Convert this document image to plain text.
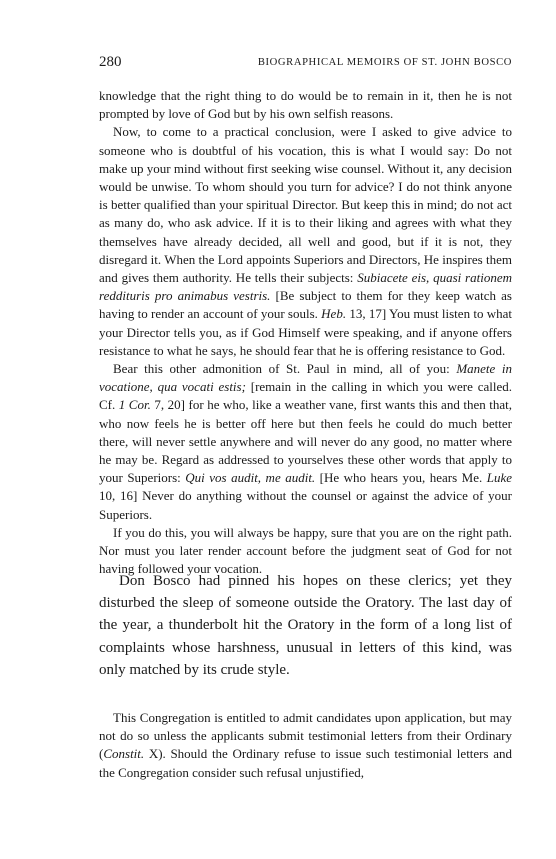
280	BIOGRAPHICAL MEMOIRS OF ST. JOHN BOSCO

knowledge that the right thing to do would be to remain in it, then he is not prompted by love of God but by his own selfish reasons.

Now, to come to a practical conclusion, were I asked to give advice to someone who is doubtful of his vocation, this is what I would say: Do not make up your mind without first seeking wise counsel. Without it, any decision would be unwise. To whom should you turn for advice? I do not think anyone is better qualified than your spiritual Director. But keep this in mind; do not act as many do, who ask advice. If it is to their liking and agrees with what they themselves have already decided, all well and good, but if it is not, they disregard it. When the Lord appoints Superiors and Directors, He inspires them and gives them authority. He tells their subjects: Subiacete eis, quasi rationem reddituris pro animabus vestris. [Be subject to them for they keep watch as having to render an account of your souls. Heb. 13, 17] You must listen to what your Director tells you, as if God Himself were speaking, and if anyone offers resistance to what he says, he should fear that he is offering resistance to God.

Bear this other admonition of St. Paul in mind, all of you: Manete in vocatione, qua vocati estis; [remain in the calling in which you were called. Cf. 1 Cor. 7, 20] for he who, like a weather vane, first wants this and then that, who now feels he is better off here but then feels he could do much better there, will never settle anywhere and will never do any good, no matter where he may be. Regard as addressed to yourselves these other words that apply to your Superiors: Qui vos audit, me audit. [He who hears you, hears Me. Luke 10, 16] Never do anything without the counsel or against the advice of your Superiors.

If you do this, you will always be happy, sure that you are on the right path. Nor must you later render account before the judgment seat of God for not having followed your vocation.

Don Bosco had pinned his hopes on these clerics; yet they disturbed the sleep of someone outside the Oratory. The last day of the year, a thunderbolt hit the Oratory in the form of a long list of complaints whose harshness, unusual in letters of this kind, was only matched by its crude style.

This Congregation is entitled to admit candidates upon application, but may not do so unless the applicants submit testimonial letters from their Ordinary (Constit. X). Should the Ordinary refuse to issue such testimonial letters and the Congregation consider such refusal unjustified,
